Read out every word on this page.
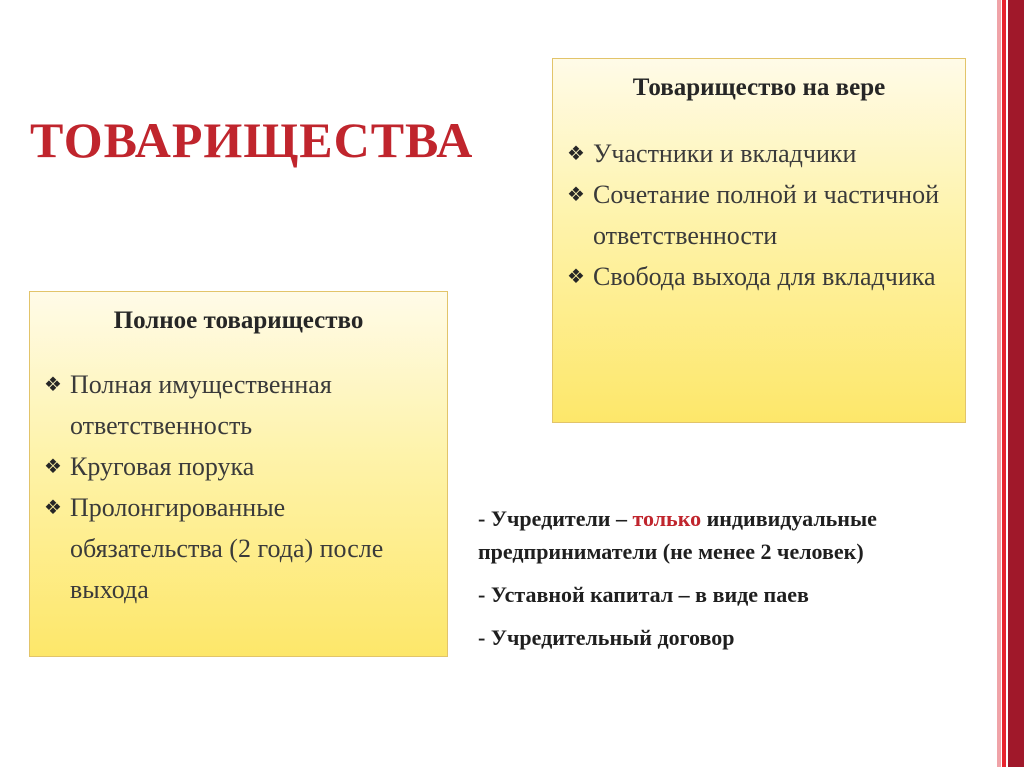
ТОВАРИЩЕСТВА
Товарищество на вере
❖ Участники и вкладчики
❖ Сочетание полной и частичной ответственности
❖ Свобода выхода для вкладчика
Полное товарищество
❖ Полная имущественная ответственность
❖ Круговая порука
❖ Пролонгированные обязательства (2 года) после выхода

- Учредители – только индивидуальные предприниматели (не менее 2 человек)

- Уставной капитал – в виде паев

- Учредительный договор
